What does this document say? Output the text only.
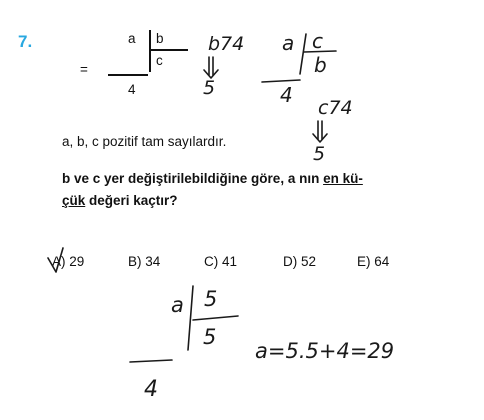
7.	a b
c
=
4
a, b, c pozitif tam sayılardır.
b ve c yer değiştirilebildiğine göre, a nın en kü-
çük değeri kaçtır?
A) 29	B) 34	C) 41	D) 52	E) 64
b74
5
a c
b
4
c74
5
a 5
5
4
a=5.5+4=29
